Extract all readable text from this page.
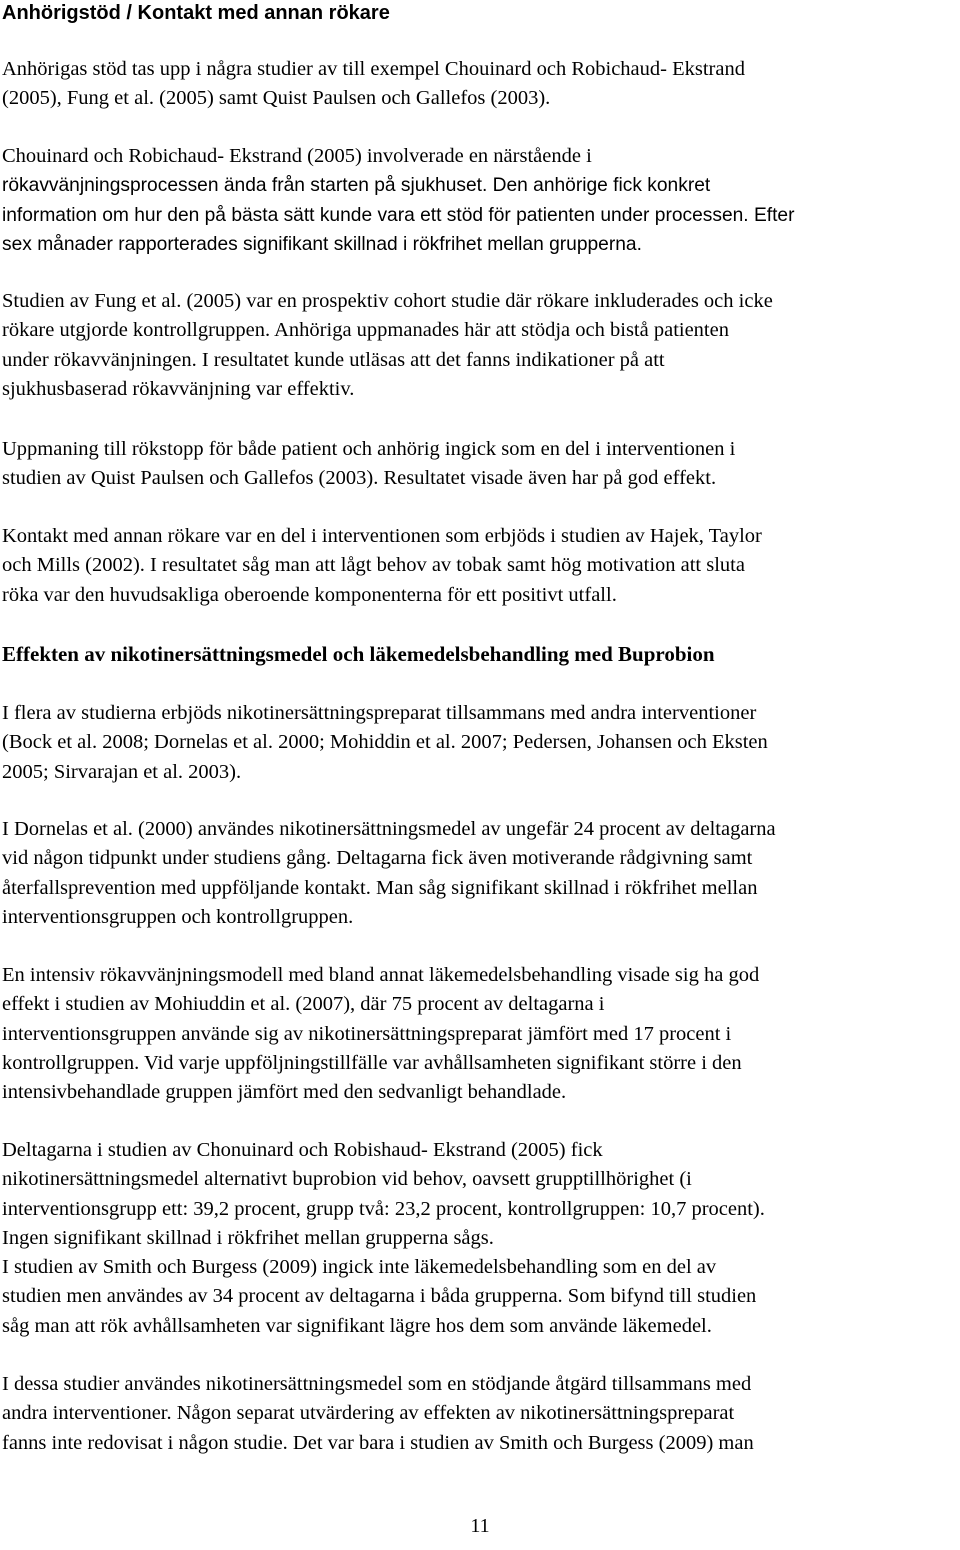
Anhörigstöd / Kontakt med annan rökare
Anhörigas stöd tas upp i några studier av till exempel Chouinard och Robichaud- Ekstrand
(2005), Fung et al. (2005) samt Quist Paulsen och Gallefos (2003).
Chouinard och Robichaud- Ekstrand (2005) involverade en närstående i
rökavvänjningsprocessen ända från starten på sjukhuset. Den anhörige fick konkret
information om hur den på bästa sätt kunde vara ett stöd för patienten under processen. Efter
sex månader rapporterades signifikant skillnad i rökfrihet mellan grupperna.
Studien av Fung et al. (2005) var en prospektiv cohort studie där rökare inkluderades och icke
rökare utgjorde kontrollgruppen. Anhöriga uppmanades här att stödja och bistå patienten
under rökavvänjningen. I resultatet kunde utläsas att det fanns indikationer på att
sjukhusbaserad rökavvänjning var effektiv.
Uppmaning till rökstopp för både patient och anhörig ingick som en del i interventionen i
studien av Quist Paulsen och Gallefos (2003). Resultatet visade även har på god effekt.
Kontakt med annan rökare var en del i interventionen som erbjöds i studien av Hajek, Taylor
och Mills (2002). I resultatet såg man att lågt behov av tobak samt hög motivation att sluta
röka var den huvudsakliga oberoende komponenterna för ett positivt utfall.
Effekten av nikotinersättningsmedel och läkemedelsbehandling med Buprobion
I flera av studierna erbjöds nikotinersättningspreparat tillsammans med andra interventioner
(Bock et al. 2008; Dornelas et al. 2000; Mohiddin et al. 2007; Pedersen, Johansen och Eksten
2005; Sirvarajan et al. 2003).
I Dornelas et al. (2000) användes nikotinersättningsmedel av ungefär 24 procent av deltagarna
vid någon tidpunkt under studiens gång. Deltagarna fick även motiverande rådgivning samt
återfallsprevention med uppföljande kontakt. Man såg signifikant skillnad i rökfrihet mellan
interventionsgruppen och kontrollgruppen.
En intensiv rökavvänjningsmodell med bland annat läkemedelsbehandling visade sig ha god
effekt i studien av Mohiuddin et al. (2007), där 75 procent av deltagarna i
interventionsgruppen använde sig av nikotinersättningspreparat jämfört med 17 procent i
kontrollgruppen. Vid varje uppföljningstillfälle var avhållsamheten signifikant större i den
intensivbehandlade gruppen jämfört med den sedvanligt behandlade.
Deltagarna i studien av Chonuinard och Robishaud- Ekstrand (2005) fick
nikotinersättningsmedel alternativt buprobion vid behov, oavsett grupptillhörighet (i
interventionsgrupp ett: 39,2 procent, grupp två: 23,2 procent, kontrollgruppen: 10,7 procent).
Ingen signifikant skillnad i rökfrihet mellan grupperna sågs.
I studien av Smith och Burgess (2009) ingick inte läkemedelsbehandling som en del av
studien men användes av 34 procent av deltagarna i båda grupperna. Som bifynd till studien
såg man att rök avhållsamheten var signifikant lägre hos dem som använde läkemedel.
I dessa studier användes nikotinersättningsmedel som en stödjande åtgärd tillsammans med
andra interventioner. Någon separat utvärdering av effekten av nikotinersättningspreparat
fanns inte redovisat i någon studie. Det var bara i studien av Smith och Burgess (2009) man
11
